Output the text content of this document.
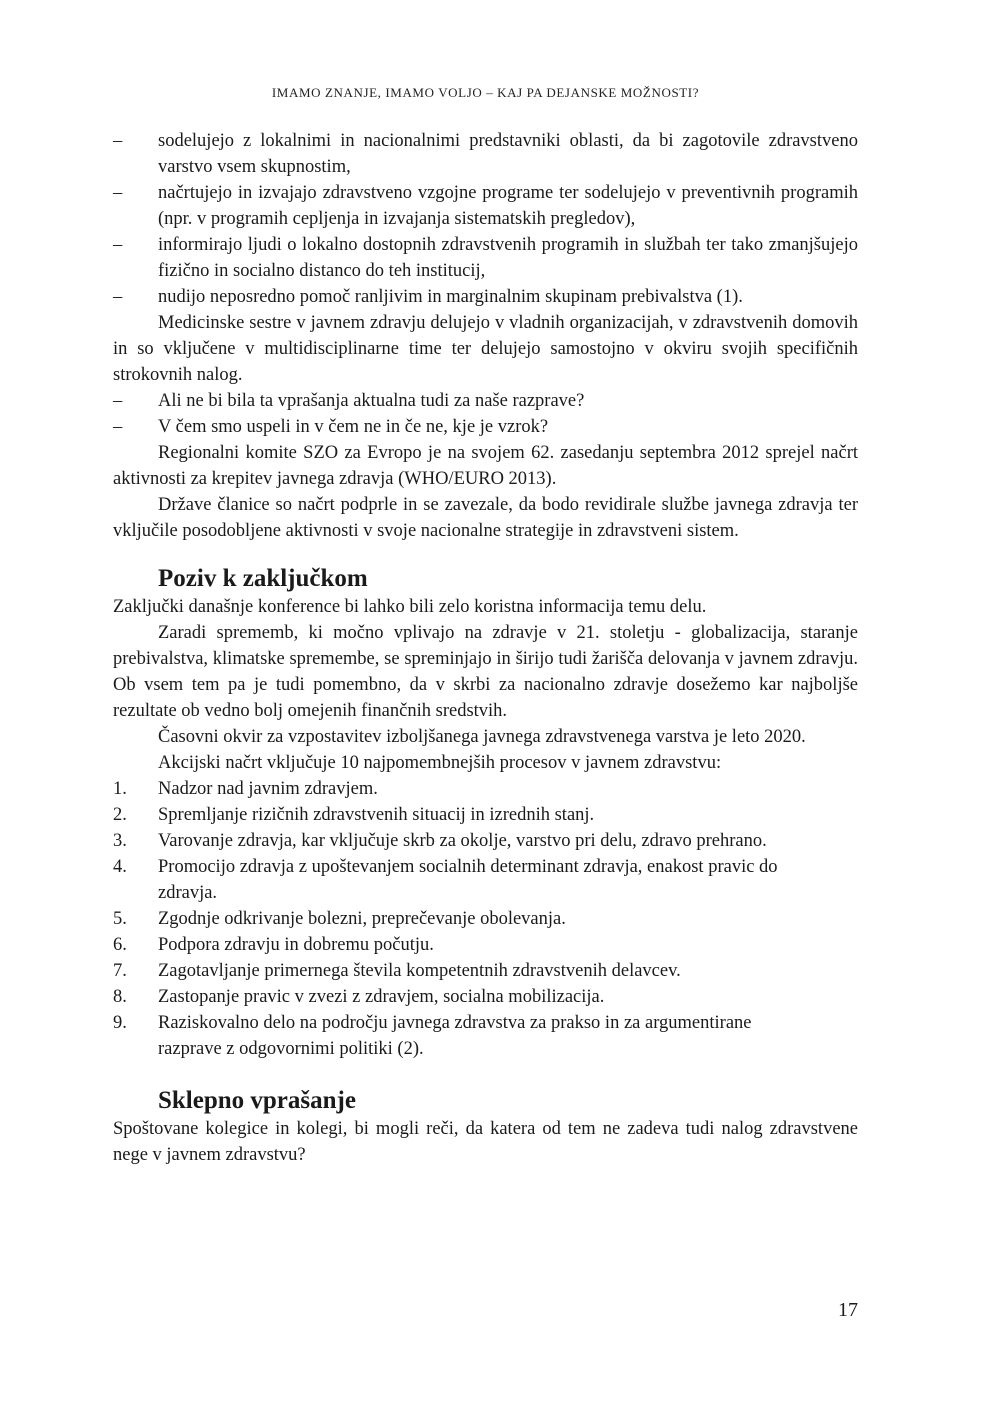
IMAMO ZNANJE, IMAMO VOLJO – KAJ PA DEJANSKE MOŽNOSTI?
–	sodelujejo z lokalnimi in nacionalnimi predstavniki oblasti, da bi zagotovile zdravstveno varstvo vsem skupnostim,
–	načrtujejo in izvajajo zdravstveno vzgojne programe ter sodelujejo v preventivnih programih (npr. v programih cepljenja in izvajanja sistematskih pregledov),
–	informirajo ljudi o lokalno dostopnih zdravstvenih programih in službah ter tako zmanjšujejo fizično in socialno distanco do teh institucij,
–	nudijo neposredno pomoč ranljivim in marginalnim skupinam prebivalstva (1).

Medicinske sestre v javnem zdravju delujejo v vladnih organizacijah, v zdravstvenih domovih in so vključene v multidisciplinarne time ter delujejo samostojno v okviru svojih specifičnih strokovnih nalog.

–	Ali ne bi bila ta vprašanja aktualna tudi za naše razprave?
–	V čem smo uspeli in v čem ne in če ne, kje je vzrok?

Regionalni komite SZO za Evropo je na svojem 62. zasedanju septembra 2012 sprejel načrt aktivnosti za krepitev javnega zdravja (WHO/EURO 2013).

Države članice so načrt podprle in se zavezale, da bodo revidirale službe javnega zdravja ter vključile posodobljene aktivnosti v svoje nacionalne strategije in zdravstveni sistem.

Poziv k zaključkom

Zaključki današnje konference bi lahko bili zelo koristna informacija temu delu.

Zaradi sprememb, ki močno vplivajo na zdravje v 21. stoletju - globalizacija, staranje prebivalstva, klimatske spremembe, se spreminjajo in širijo tudi žarišča delovanja v javnem zdravju. Ob vsem tem pa je tudi pomembno, da v skrbi za nacionalno zdravje dosežemo kar najboljše rezultate ob vedno bolj omejenih finančnih sredstvih.

Časovni okvir za vzpostavitev izboljšanega javnega zdravstvenega varstva je leto 2020.

Akcijski načrt vključuje 10 najpomembnejših procesov v javnem zdravstvu:

1.	Nadzor nad javnim zdravjem.
2.	Spremljanje rizičnih zdravstvenih situacij in izrednih stanj.
3.	Varovanje zdravja, kar vključuje skrb za okolje, varstvo pri delu, zdravo prehrano.
4.	Promocijo zdravja z upoštevanjem socialnih determinant zdravja, enakost pravic do zdravja.
5.	Zgodnje odkrivanje bolezni, preprečevanje obolevanja.
6.	Podpora zdravju in dobremu počutju.
7.	Zagotavljanje primernega števila kompetentnih zdravstvenih delavcev.
8.	Zastopanje pravic v zvezi z zdravjem, socialna mobilizacija.
9.	Raziskovalno delo na področju javnega zdravstva za prakso in za argumentirane razprave z odgovornimi politiki (2).
Sklepno vprašanje

Spoštovane kolegice in kolegi, bi mogli reči, da katera od tem ne zadeva tudi nalog zdravstvene nege v javnem zdravstvu?

17
